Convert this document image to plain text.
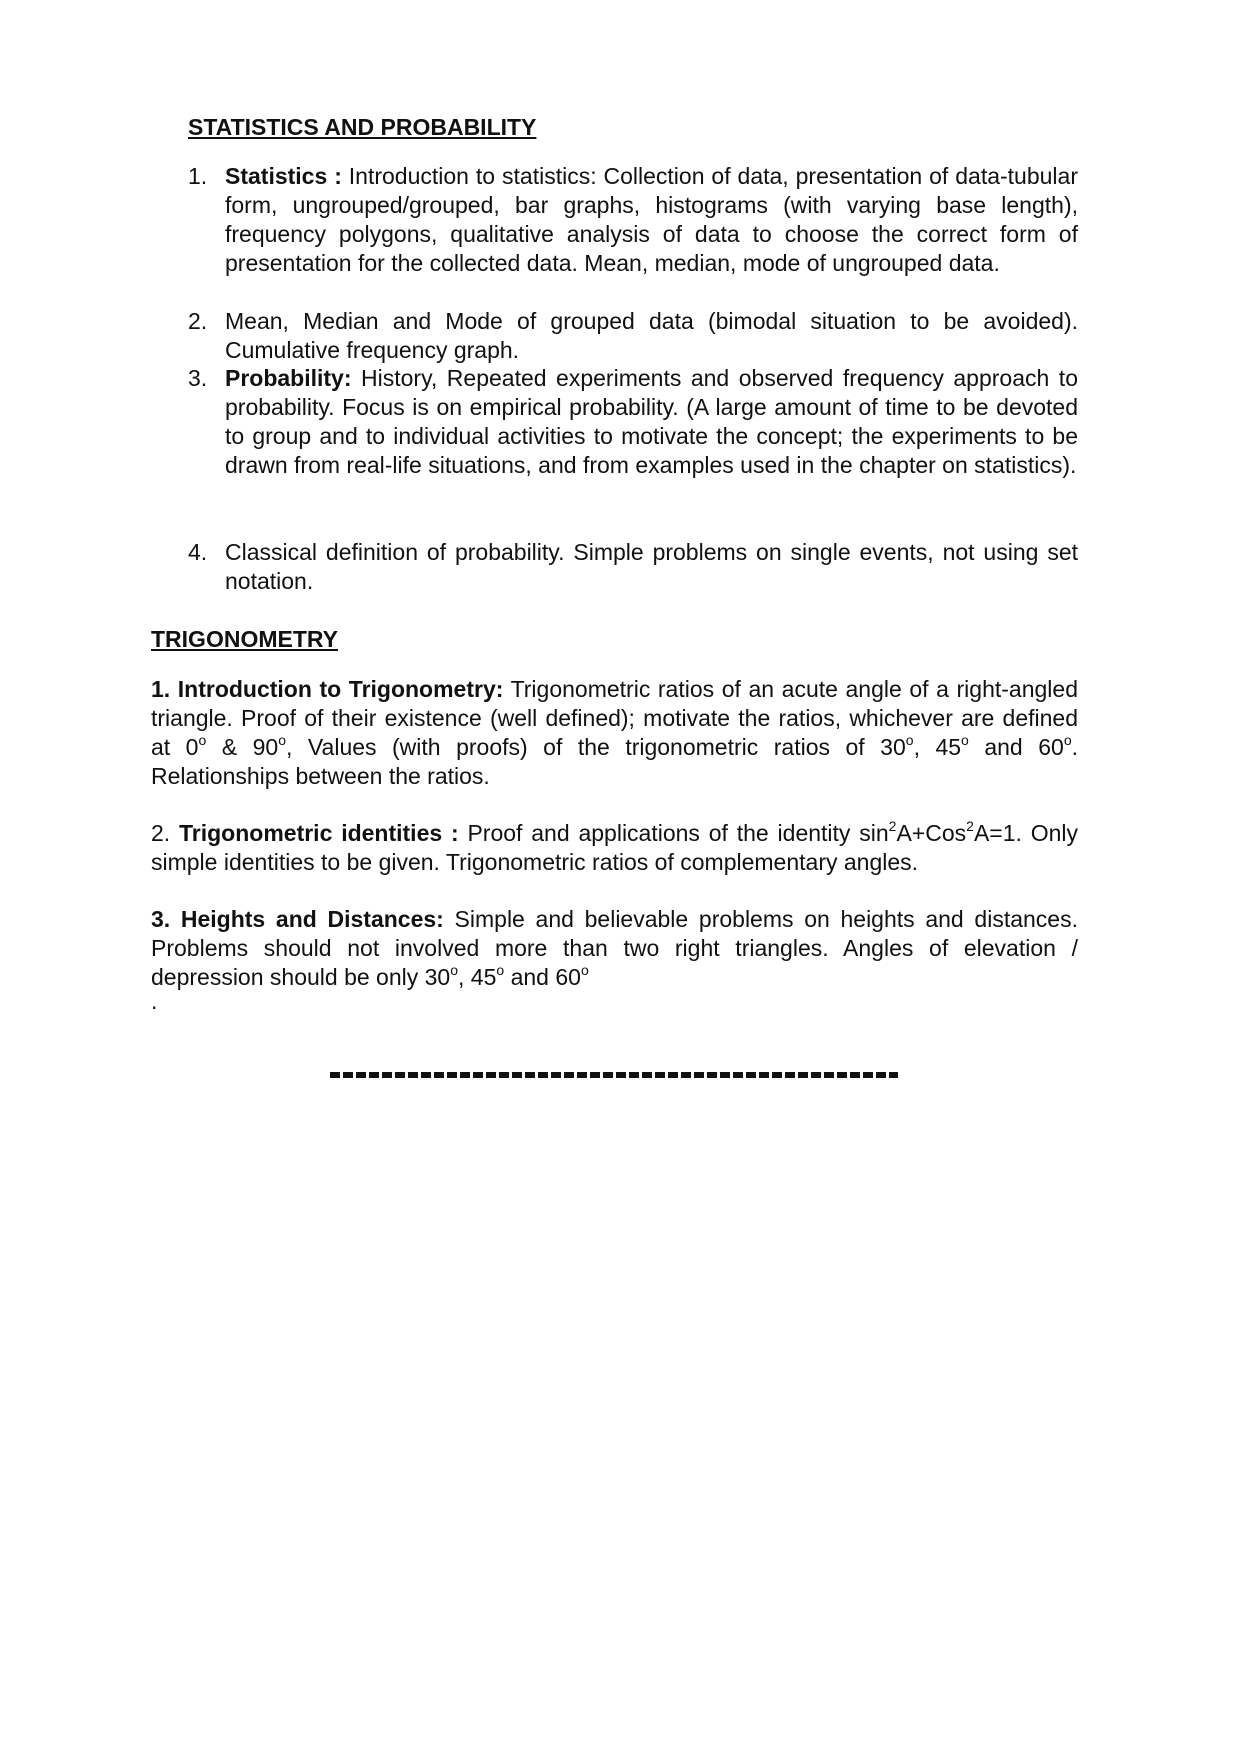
STATISTICS AND PROBABILITY
1. Statistics : Introduction to statistics: Collection of data, presentation of data-tubular form, ungrouped/grouped, bar graphs, histograms (with varying base length), frequency polygons, qualitative analysis of data to choose the correct form of presentation for the collected data. Mean, median, mode of ungrouped data.
2. Mean, Median and Mode of grouped data (bimodal situation to be avoided). Cumulative frequency graph.
3. Probability: History, Repeated experiments and observed frequency approach to probability. Focus is on empirical probability. (A large amount of time to be devoted to group and to individual activities to motivate the concept; the experiments to be drawn from real-life situations, and from examples used in the chapter on statistics).
4. Classical definition of probability. Simple problems on single events, not using set notation.
TRIGONOMETRY
1. Introduction to Trigonometry: Trigonometric ratios of an acute angle of a right-angled triangle. Proof of their existence (well defined); motivate the ratios, whichever are defined at 0$^o$ & 90$^o$, Values (with proofs) of the trigonometric ratios of 30$^o$, 45$^o$ and 60$^o$. Relationships between the ratios.
2. Trigonometric identities : Proof and applications of the identity $\sin^2A+Cos^2A=1$. Only simple identities to be given. Trigonometric ratios of complementary angles.
3. Heights and Distances: Simple and believable problems on heights and distances. Problems should not involved more than two right triangles. Angles of elevation / depression should be only 30$^o$, 45$^o$ and 60$^o$
.
